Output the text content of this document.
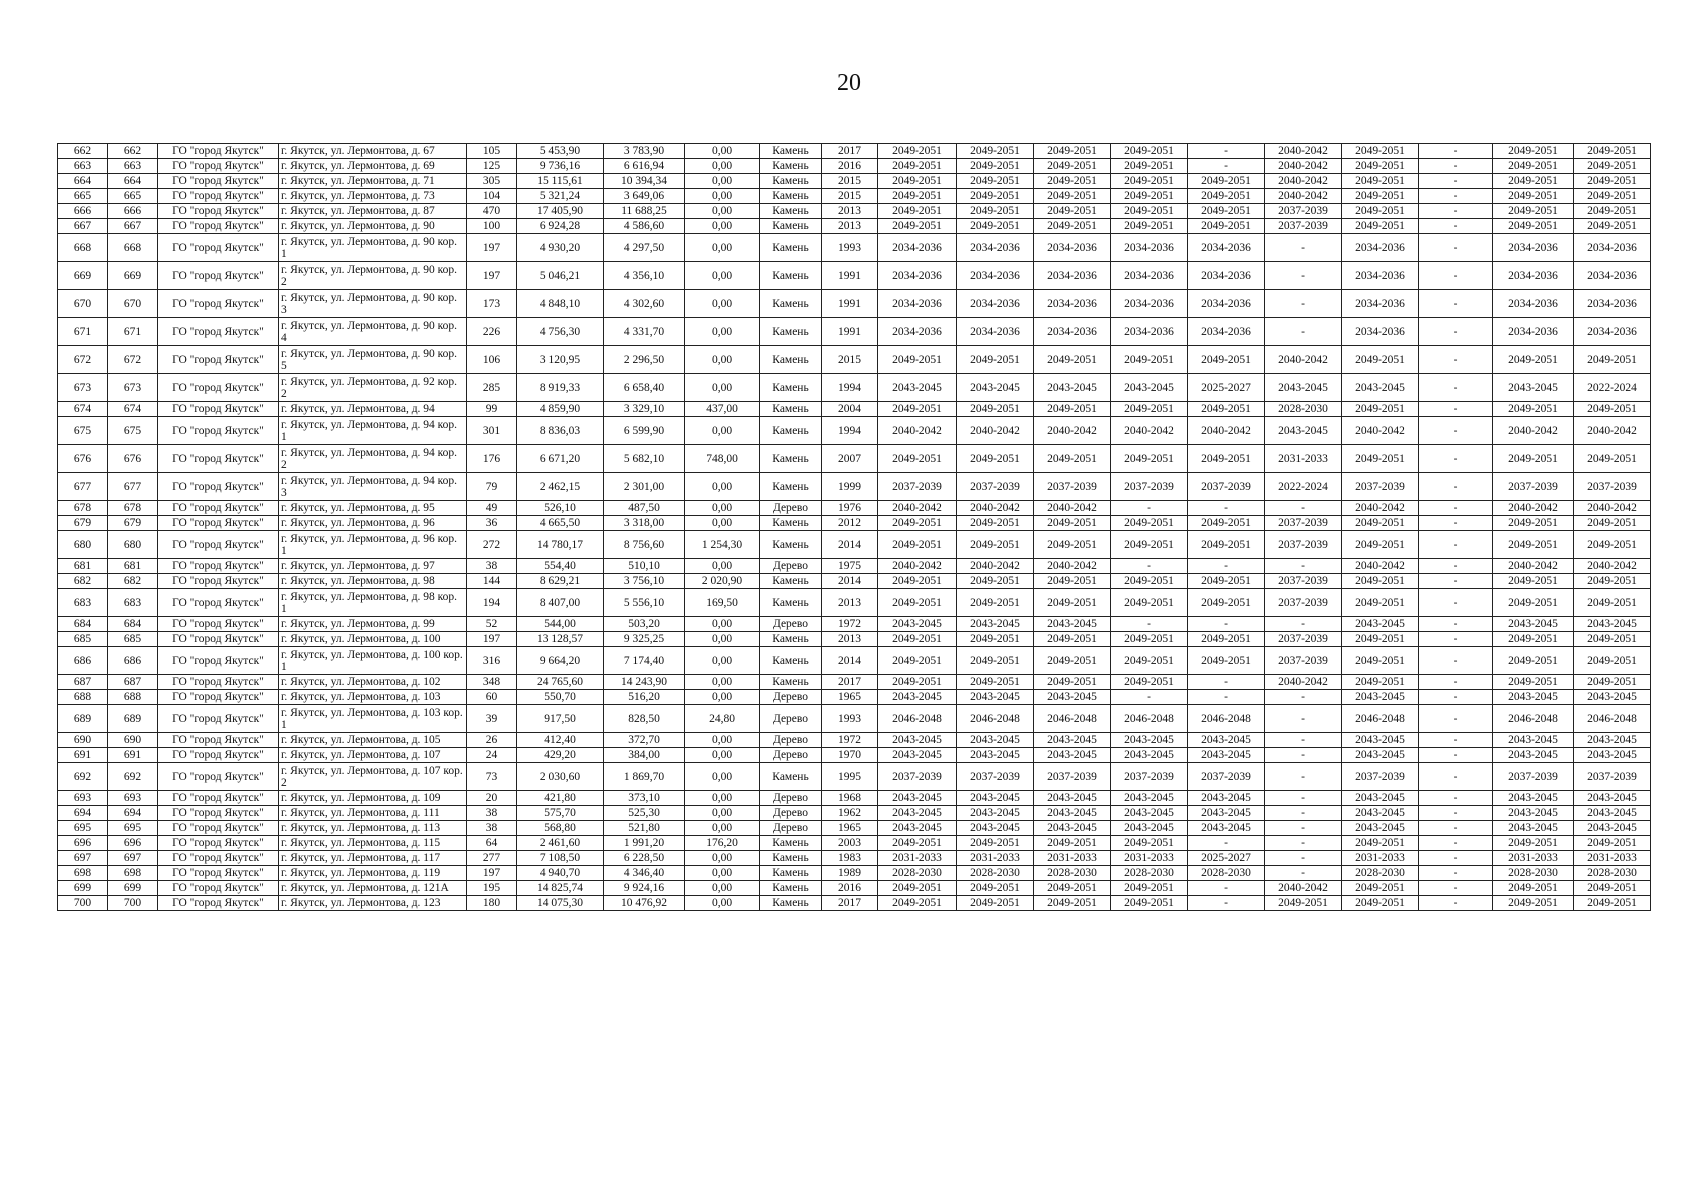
20
662	662	ГО "город Якутск"	г. Якутск, ул. Лермонтова, д. 67	105	5 453,90	3 783,90	0,00	Камень	2017	2049-2051	2049-2051	2049-2051	2049-2051	-	2040-2042	2049-2051	-	2049-2051	2049-2051
663	663	ГО "город Якутск"	г. Якутск, ул. Лермонтова, д. 69	125	9 736,16	6 616,94	0,00	Камень	2016	2049-2051	2049-2051	2049-2051	2049-2051	-	2040-2042	2049-2051	-	2049-2051	2049-2051
664	664	ГО "город Якутск"	г. Якутск, ул. Лермонтова, д. 71	305	15 115,61	10 394,34	0,00	Камень	2015	2049-2051	2049-2051	2049-2051	2049-2051	2049-2051	2040-2042	2049-2051	-	2049-2051	2049-2051
665	665	ГО "город Якутск"	г. Якутск, ул. Лермонтова, д. 73	104	5 321,24	3 649,06	0,00	Камень	2015	2049-2051	2049-2051	2049-2051	2049-2051	2049-2051	2040-2042	2049-2051	-	2049-2051	2049-2051
666	666	ГО "город Якутск"	г. Якутск, ул. Лермонтова, д. 87	470	17 405,90	11 688,25	0,00	Камень	2013	2049-2051	2049-2051	2049-2051	2049-2051	2049-2051	2037-2039	2049-2051	-	2049-2051	2049-2051
667	667	ГО "город Якутск"	г. Якутск, ул. Лермонтова, д. 90	100	6 924,28	4 586,60	0,00	Камень	2013	2049-2051	2049-2051	2049-2051	2049-2051	2049-2051	2037-2039	2049-2051	-	2049-2051	2049-2051
668	668	ГО "город Якутск"	г. Якутск, ул. Лермонтова, д. 90 кор. 1	197	4 930,20	4 297,50	0,00	Камень	1993	2034-2036	2034-2036	2034-2036	2034-2036	2034-2036	-	2034-2036	-	2034-2036	2034-2036
669	669	ГО "город Якутск"	г. Якутск, ул. Лермонтова, д. 90 кор. 2	197	5 046,21	4 356,10	0,00	Камень	1991	2034-2036	2034-2036	2034-2036	2034-2036	2034-2036	-	2034-2036	-	2034-2036	2034-2036
670	670	ГО "город Якутск"	г. Якутск, ул. Лермонтова, д. 90 кор. 3	173	4 848,10	4 302,60	0,00	Камень	1991	2034-2036	2034-2036	2034-2036	2034-2036	2034-2036	-	2034-2036	-	2034-2036	2034-2036
671	671	ГО "город Якутск"	г. Якутск, ул. Лермонтова, д. 90 кор. 4	226	4 756,30	4 331,70	0,00	Камень	1991	2034-2036	2034-2036	2034-2036	2034-2036	2034-2036	-	2034-2036	-	2034-2036	2034-2036
672	672	ГО "город Якутск"	г. Якутск, ул. Лермонтова, д. 90 кор. 5	106	3 120,95	2 296,50	0,00	Камень	2015	2049-2051	2049-2051	2049-2051	2049-2051	2049-2051	2040-2042	2049-2051	-	2049-2051	2049-2051
673	673	ГО "город Якутск"	г. Якутск, ул. Лермонтова, д. 92 кор. 2	285	8 919,33	6 658,40	0,00	Камень	1994	2043-2045	2043-2045	2043-2045	2043-2045	2025-2027	2043-2045	2043-2045	-	2043-2045	2022-2024
674	674	ГО "город Якутск"	г. Якутск, ул. Лермонтова, д. 94	99	4 859,90	3 329,10	437,00	Камень	2004	2049-2051	2049-2051	2049-2051	2049-2051	2049-2051	2028-2030	2049-2051	-	2049-2051	2049-2051
675	675	ГО "город Якутск"	г. Якутск, ул. Лермонтова, д. 94 кор. 1	301	8 836,03	6 599,90	0,00	Камень	1994	2040-2042	2040-2042	2040-2042	2040-2042	2040-2042	2043-2045	2040-2042	-	2040-2042	2040-2042
676	676	ГО "город Якутск"	г. Якутск, ул. Лермонтова, д. 94 кор. 2	176	6 671,20	5 682,10	748,00	Камень	2007	2049-2051	2049-2051	2049-2051	2049-2051	2049-2051	2031-2033	2049-2051	-	2049-2051	2049-2051
677	677	ГО "город Якутск"	г. Якутск, ул. Лермонтова, д. 94 кор. 3	79	2 462,15	2 301,00	0,00	Камень	1999	2037-2039	2037-2039	2037-2039	2037-2039	2037-2039	2022-2024	2037-2039	-	2037-2039	2037-2039
678	678	ГО "город Якутск"	г. Якутск, ул. Лермонтова, д. 95	49	526,10	487,50	0,00	Дерево	1976	2040-2042	2040-2042	2040-2042	-	-	-	2040-2042	-	2040-2042	2040-2042
679	679	ГО "город Якутск"	г. Якутск, ул. Лермонтова, д. 96	36	4 665,50	3 318,00	0,00	Камень	2012	2049-2051	2049-2051	2049-2051	2049-2051	2049-2051	2037-2039	2049-2051	-	2049-2051	2049-2051
680	680	ГО "город Якутск"	г. Якутск, ул. Лермонтова, д. 96 кор. 1	272	14 780,17	8 756,60	1 254,30	Камень	2014	2049-2051	2049-2051	2049-2051	2049-2051	2049-2051	2037-2039	2049-2051	-	2049-2051	2049-2051
681	681	ГО "город Якутск"	г. Якутск, ул. Лермонтова, д. 97	38	554,40	510,10	0,00	Дерево	1975	2040-2042	2040-2042	2040-2042	-	-	-	2040-2042	-	2040-2042	2040-2042
682	682	ГО "город Якутск"	г. Якутск, ул. Лермонтова, д. 98	144	8 629,21	3 756,10	2 020,90	Камень	2014	2049-2051	2049-2051	2049-2051	2049-2051	2049-2051	2037-2039	2049-2051	-	2049-2051	2049-2051
683	683	ГО "город Якутск"	г. Якутск, ул. Лермонтова, д. 98 кор. 1	194	8 407,00	5 556,10	169,50	Камень	2013	2049-2051	2049-2051	2049-2051	2049-2051	2049-2051	2037-2039	2049-2051	-	2049-2051	2049-2051
684	684	ГО "город Якутск"	г. Якутск, ул. Лермонтова, д. 99	52	544,00	503,20	0,00	Дерево	1972	2043-2045	2043-2045	2043-2045	-	-	-	2043-2045	-	2043-2045	2043-2045
685	685	ГО "город Якутск"	г. Якутск, ул. Лермонтова, д. 100	197	13 128,57	9 325,25	0,00	Камень	2013	2049-2051	2049-2051	2049-2051	2049-2051	2049-2051	2037-2039	2049-2051	-	2049-2051	2049-2051
686	686	ГО "город Якутск"	г. Якутск, ул. Лермонтова, д. 100 кор. 1	316	9 664,20	7 174,40	0,00	Камень	2014	2049-2051	2049-2051	2049-2051	2049-2051	2049-2051	2037-2039	2049-2051	-	2049-2051	2049-2051
687	687	ГО "город Якутск"	г. Якутск, ул. Лермонтова, д. 102	348	24 765,60	14 243,90	0,00	Камень	2017	2049-2051	2049-2051	2049-2051	2049-2051	-	2040-2042	2049-2051	-	2049-2051	2049-2051
688	688	ГО "город Якутск"	г. Якутск, ул. Лермонтова, д. 103	60	550,70	516,20	0,00	Дерево	1965	2043-2045	2043-2045	2043-2045	-	-	-	2043-2045	-	2043-2045	2043-2045
689	689	ГО "город Якутск"	г. Якутск, ул. Лермонтова, д. 103 кор. 1	39	917,50	828,50	24,80	Дерево	1993	2046-2048	2046-2048	2046-2048	2046-2048	2046-2048	-	2046-2048	-	2046-2048	2046-2048
690	690	ГО "город Якутск"	г. Якутск, ул. Лермонтова, д. 105	26	412,40	372,70	0,00	Дерево	1972	2043-2045	2043-2045	2043-2045	2043-2045	2043-2045	-	2043-2045	-	2043-2045	2043-2045
691	691	ГО "город Якутск"	г. Якутск, ул. Лермонтова, д. 107	24	429,20	384,00	0,00	Дерево	1970	2043-2045	2043-2045	2043-2045	2043-2045	2043-2045	-	2043-2045	-	2043-2045	2043-2045
692	692	ГО "город Якутск"	г. Якутск, ул. Лермонтова, д. 107 кор. 2	73	2 030,60	1 869,70	0,00	Камень	1995	2037-2039	2037-2039	2037-2039	2037-2039	2037-2039	-	2037-2039	-	2037-2039	2037-2039
693	693	ГО "город Якутск"	г. Якутск, ул. Лермонтова, д. 109	20	421,80	373,10	0,00	Дерево	1968	2043-2045	2043-2045	2043-2045	2043-2045	2043-2045	-	2043-2045	-	2043-2045	2043-2045
694	694	ГО "город Якутск"	г. Якутск, ул. Лермонтова, д. 111	38	575,70	525,30	0,00	Дерево	1962	2043-2045	2043-2045	2043-2045	2043-2045	2043-2045	-	2043-2045	-	2043-2045	2043-2045
695	695	ГО "город Якутск"	г. Якутск, ул. Лермонтова, д. 113	38	568,80	521,80	0,00	Дерево	1965	2043-2045	2043-2045	2043-2045	2043-2045	2043-2045	-	2043-2045	-	2043-2045	2043-2045
696	696	ГО "город Якутск"	г. Якутск, ул. Лермонтова, д. 115	64	2 461,60	1 991,20	176,20	Камень	2003	2049-2051	2049-2051	2049-2051	2049-2051	-	-	2049-2051	-	2049-2051	2049-2051
697	697	ГО "город Якутск"	г. Якутск, ул. Лермонтова, д. 117	277	7 108,50	6 228,50	0,00	Камень	1983	2031-2033	2031-2033	2031-2033	2031-2033	2025-2027	-	2031-2033	-	2031-2033	2031-2033
698	698	ГО "город Якутск"	г. Якутск, ул. Лермонтова, д. 119	197	4 940,70	4 346,40	0,00	Камень	1989	2028-2030	2028-2030	2028-2030	2028-2030	2028-2030	-	2028-2030	-	2028-2030	2028-2030
699	699	ГО "город Якутск"	г. Якутск, ул. Лермонтова, д. 121А	195	14 825,74	9 924,16	0,00	Камень	2016	2049-2051	2049-2051	2049-2051	2049-2051	-	2040-2042	2049-2051	-	2049-2051	2049-2051
700	700	ГО "город Якутск"	г. Якутск, ул. Лермонтова, д. 123	180	14 075,30	10 476,92	0,00	Камень	2017	2049-2051	2049-2051	2049-2051	2049-2051	-	2049-2051	2049-2051	-	2049-2051	2049-2051
